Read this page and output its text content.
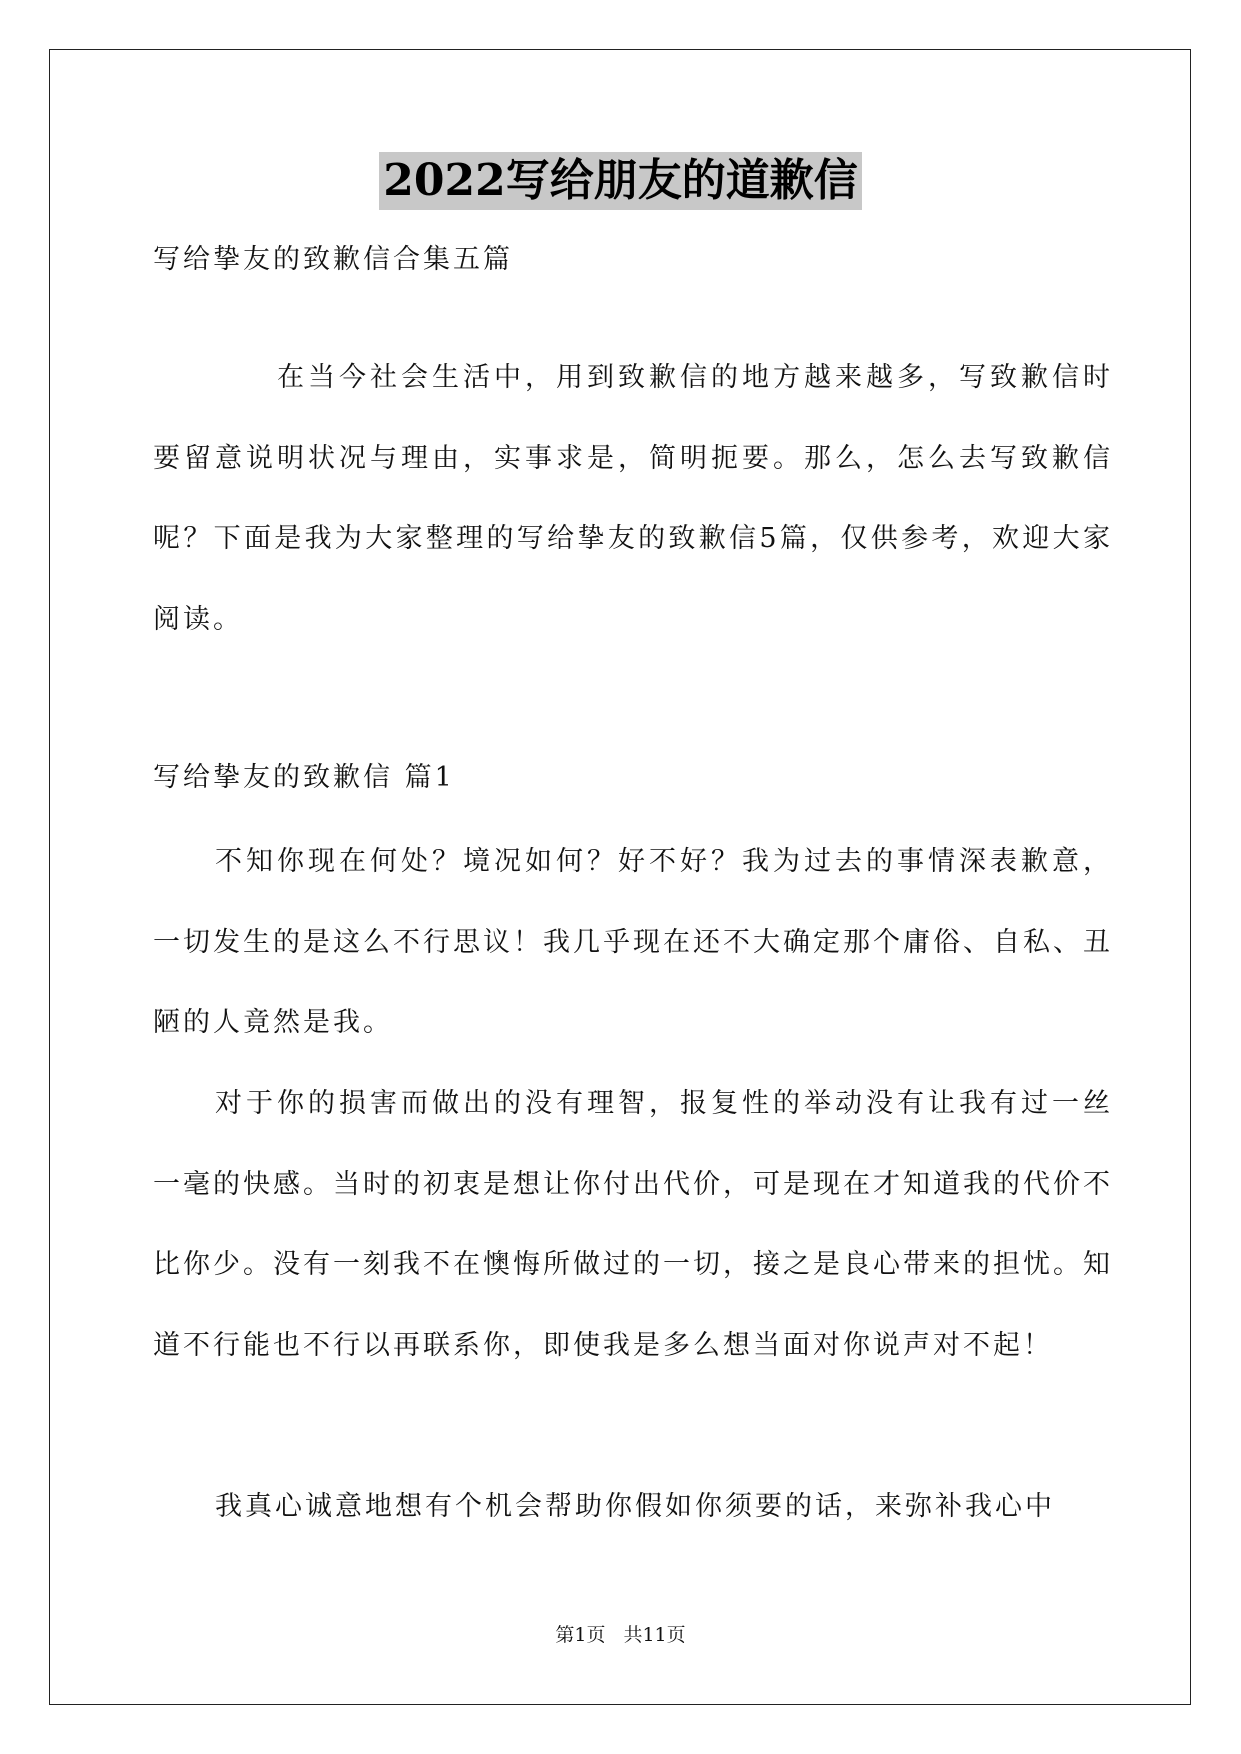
2022写给朋友的道歉信
写给挚友的致歉信合集五篇

在当今社会生活中，用到致歉信的地方越来越多，写致歉信时要留意说明状况与理由，实事求是，简明扼要。那么，怎么去写致歉信呢？下面是我为大家整理的写给挚友的致歉信5篇，仅供参考，欢迎大家阅读。

写给挚友的致歉信 篇1

不知你现在何处？境况如何？好不好？我为过去的事情深表歉意，一切发生的是这么不行思议！我几乎现在还不大确定那个庸俗、自私、丑陋的人竟然是我。

对于你的损害而做出的没有理智，报复性的举动没有让我有过一丝一毫的快感。当时的初衷是想让你付出代价，可是现在才知道我的代价不比你少。没有一刻我不在懊悔所做过的一切，接之是良心带来的担忧。知道不行能也不行以再联系你，即使我是多么想当面对你说声对不起！

我真心诚意地想有个机会帮助你假如你须要的话，来弥补我心中

第1页 共11页
